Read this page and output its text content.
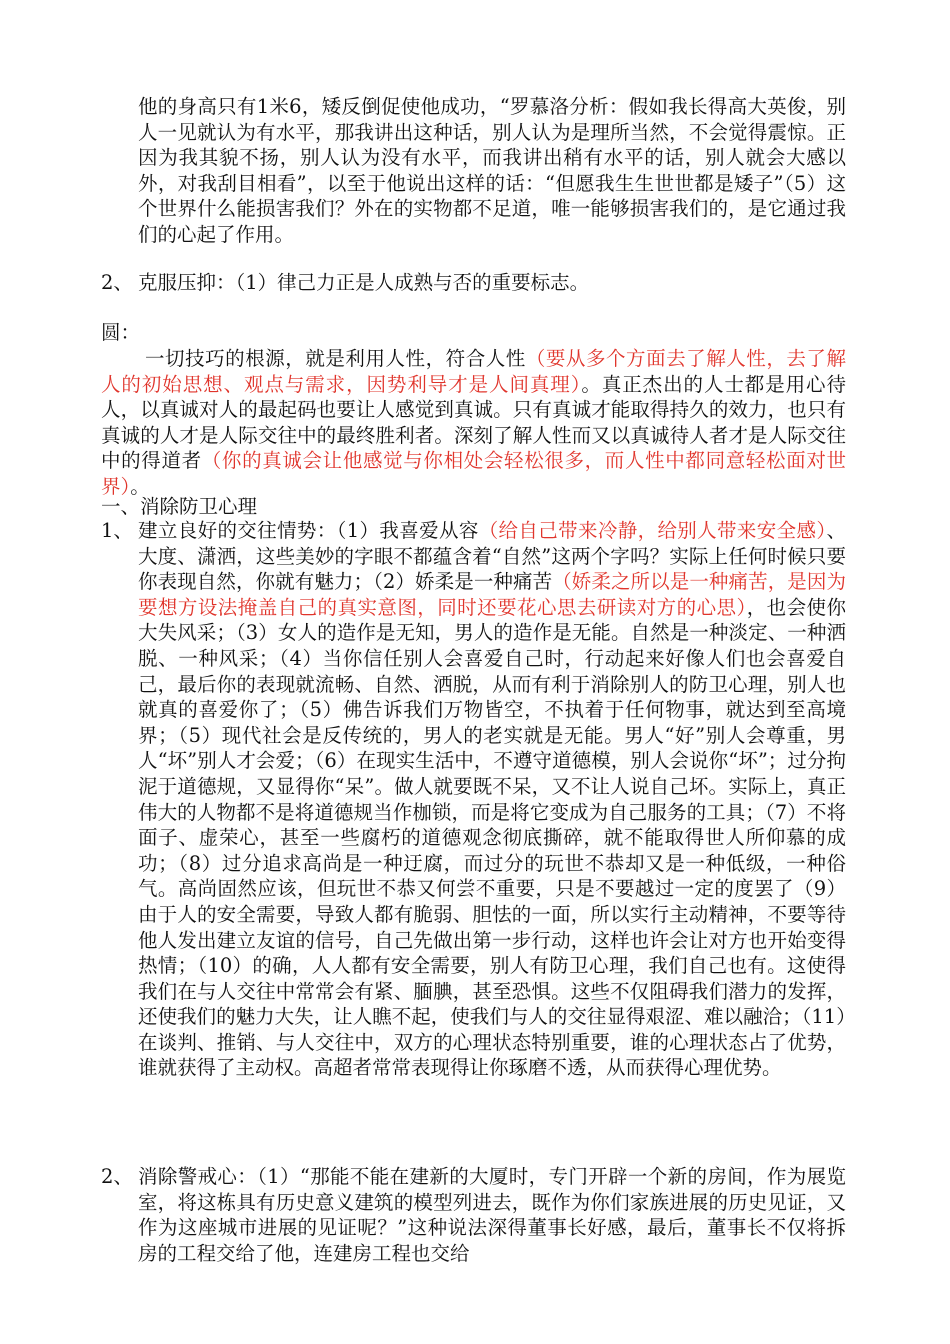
他的身高只有1米6，矮反倒促使他成功，“罗慕洛分析：假如我长得高大英俊，别人一见就认为有水平，那我讲出这种话，别人认为是理所当然，不会觉得震惊。正因为我其貌不扬，别人认为没有水平，而我讲出稍有水平的话，别人就会大感以外，对我刮目相看”，以至于他说出这样的话：“但愿我生生世世都是矮子”（5）这个世界什么能损害我们？外在的实物都不足道，唯一能够损害我们的，是它通过我们的心起了作用。
2、 克服压抑：（1）律己力正是人成熟与否的重要标志。
圆：
一切技巧的根源，就是利用人性，符合人性（要从多个方面去了解人性，去了解人的初始思想、观点与需求，因势利导才是人间真理）。真正杰出的人士都是用心待人，以真诚对人的最起码也要让人感觉到真诚。只有真诚才能取得持久的效力，也只有真诚的人才是人际交往中的最终胜利者。深刻了解人性而又以真诚待人者才是人际交往中的得道者（你的真诚会让他感觉与你相处会轻松很多，而人性中都同意轻松面对世界）。
一、消除防卫心理
1、 建立良好的交往情势：（1）我喜爱从容（给自己带来冷静，给别人带来安全感）、大度、潇洒，这些美妙的字眼不都蕴含着“自然”这两个字吗？实际上任何时候只要你表现自然，你就有魅力；（2）娇柔是一种痛苦（娇柔之所以是一种痛苦，是因为要想方设法掩盖自己的真实意图，同时还要花心思去研读对方的心思），也会使你大失风采；（3）女人的造作是无知，男人的造作是无能。自然是一种淡定、一种洒脱、一种风采；（4）当你信任别人会喜爱自己时，行动起来好像人们也会喜爱自己，最后你的表现就流畅、自然、洒脱，从而有利于消除别人的防卫心理，别人也就真的喜爱你了；（5）佛告诉我们万物皆空，不执着于任何物事，就达到至高境界；（5）现代社会是反传统的，男人的老实就是无能。男人“好”别人会尊重，男人“坏”别人才会爱；（6）在现实生活中，不遵守道德模，别人会说你“坏”；过分拘泥于道德规，又显得你“呆”。做人就要既不呆，又不让人说自己坏。实际上，真正伟大的人物都不是将道德规当作枷锁，而是将它变成为自己服务的工具；（7）不将面子、虚荣心，甚至一些腐朽的道德观念彻底撕碎，就不能取得世人所仰慕的成功；（8）过分追求高尚是一种迂腐，而过分的玩世不恭却又是一种低级，一种俗气。高尚固然应该，但玩世不恭又何尝不重要，只是不要越过一定的度罢了（9）由于人的安全需要，导致人都有脆弱、胆怯的一面，所以实行主动精神，不要等待他人发出建立友谊的信号，自己先做出第一步行动，这样也许会让对方也开始变得热情；（10）的确，人人都有安全需要，别人有防卫心理，我们自己也有。这使得我们在与人交往中常常会有紧、腼腆，甚至恐惧。这些不仅阻碍我们潜力的发挥，还使我们的魅力大失，让人瞧不起，使我们与人的交往显得艰涩、难以融洽；（11）在谈判、推销、与人交往中，双方的心理状态特别重要，谁的心理状态占了优势，谁就获得了主动权。高超者常常表现得让你琢磨不透，从而获得心理优势。
2、 消除警戒心：（1）“那能不能在建新的大厦时，专门开辟一个新的房间，作为展览室，将这栋具有历史意义建筑的模型列进去，既作为你们家族进展的历史见证，又作为这座城市进展的见证呢？”这种说法深得董事长好感，最后，董事长不仅将拆房的工程交给了他，连建房工程也交给
